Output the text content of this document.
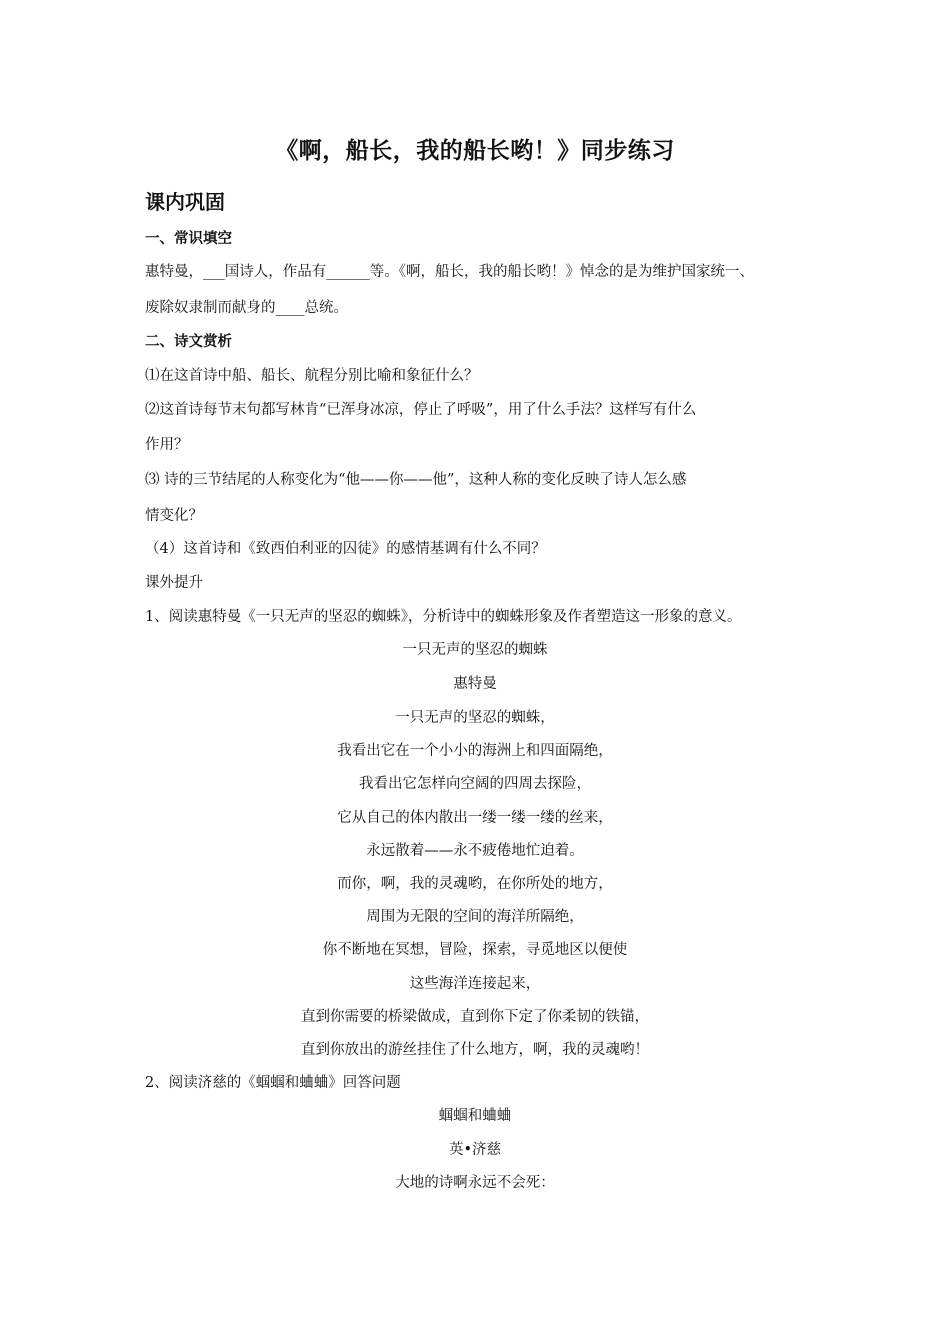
《啊，船长，我的船长哟！》同步练习
课内巩固
一、常识填空
惠特曼，___国诗人，作品有______等。《啊，船长，我的船长哟！》悼念的是为维护国家统一、
废除奴隶制而献身的____总统。
二、诗文赏析
⑴在这首诗中船、船长、航程分别比喻和象征什么？
⑵这首诗每节末句都写林肯“已浑身冰凉，停止了呼吸”，用了什么手法？这样写有什么
作用？
⑶ 诗的三节结尾的人称变化为“他——你——他”，这种人称的变化反映了诗人怎么感
情变化？
（4）这首诗和《致西伯利亚的囚徒》的感情基调有什么不同？
课外提升
1、阅读惠特曼《一只无声的坚忍的蜘蛛》，分析诗中的蜘蛛形象及作者塑造这一形象的意义。
一只无声的坚忍的蜘蛛
惠特曼
一只无声的坚忍的蜘蛛，
我看出它在一个小小的海洲上和四面隔绝，
我看出它怎样向空阔的四周去探险，
它从自己的体内散出一缕一缕一缕的丝来，
永远散着——永不疲倦地忙迫着。
而你，啊，我的灵魂哟，在你所处的地方，
周围为无限的空间的海洋所隔绝，
你不断地在冥想，冒险，探索，寻觅地区以便使
这些海洋连接起来，
直到你需要的桥梁做成，直到你下定了你柔韧的铁锚，
直到你放出的游丝挂住了什么地方，啊，我的灵魂哟！
2、阅读济慈的《蝈蝈和蛐蛐》回答问题
蝈蝈和蛐蛐
英•济慈
大地的诗啊永远不会死：
